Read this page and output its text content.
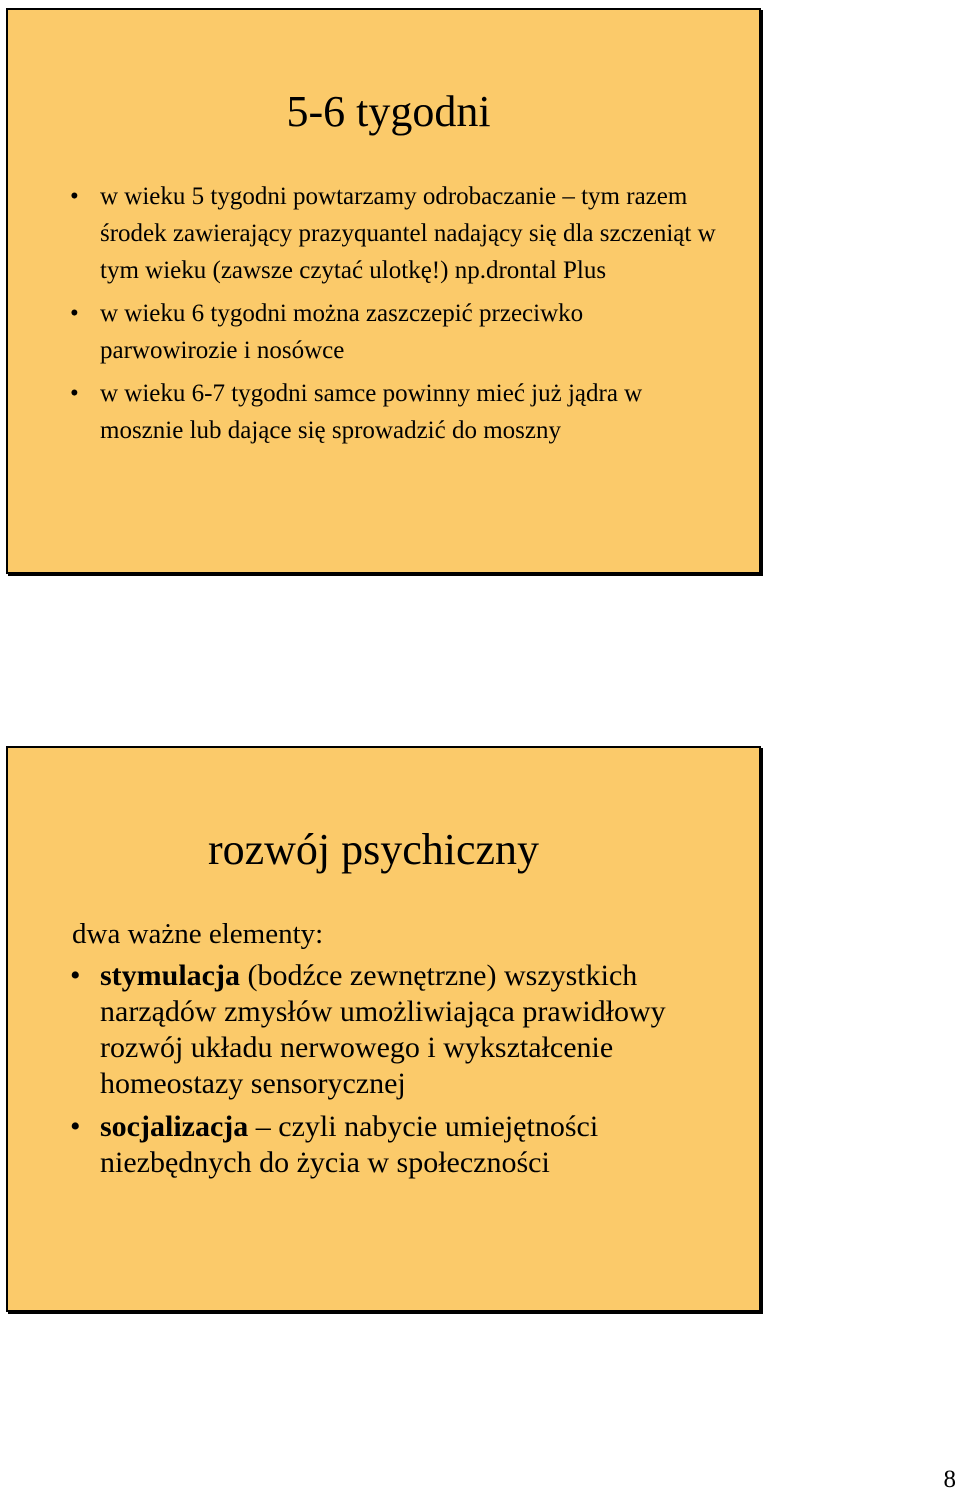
5-6 tygodni
• w wieku 5 tygodni powtarzamy odrobaczanie – tym razem środek zawierający prazyquantel nadający się dla szczeniąt w tym wieku (zawsze czytać ulotkę!) np.drontal Plus
• w wieku 6 tygodni można zaszczepić przeciwko parwowirozie i nosówce
• w wieku 6-7 tygodni samce powinny mieć już jądra w mosznie lub dające się sprowadzić do moszny
rozwój psychiczny
dwa ważne elementy:
• stymulacja (bodźce zewnętrzne) wszystkich narządów zmysłów umożliwiająca prawidłowy rozwój układu nerwowego i wykształcenie homeostazy sensorycznej
• socjalizacja – czyli nabycie umiejętności niezbędnych do życia w społeczności
8
